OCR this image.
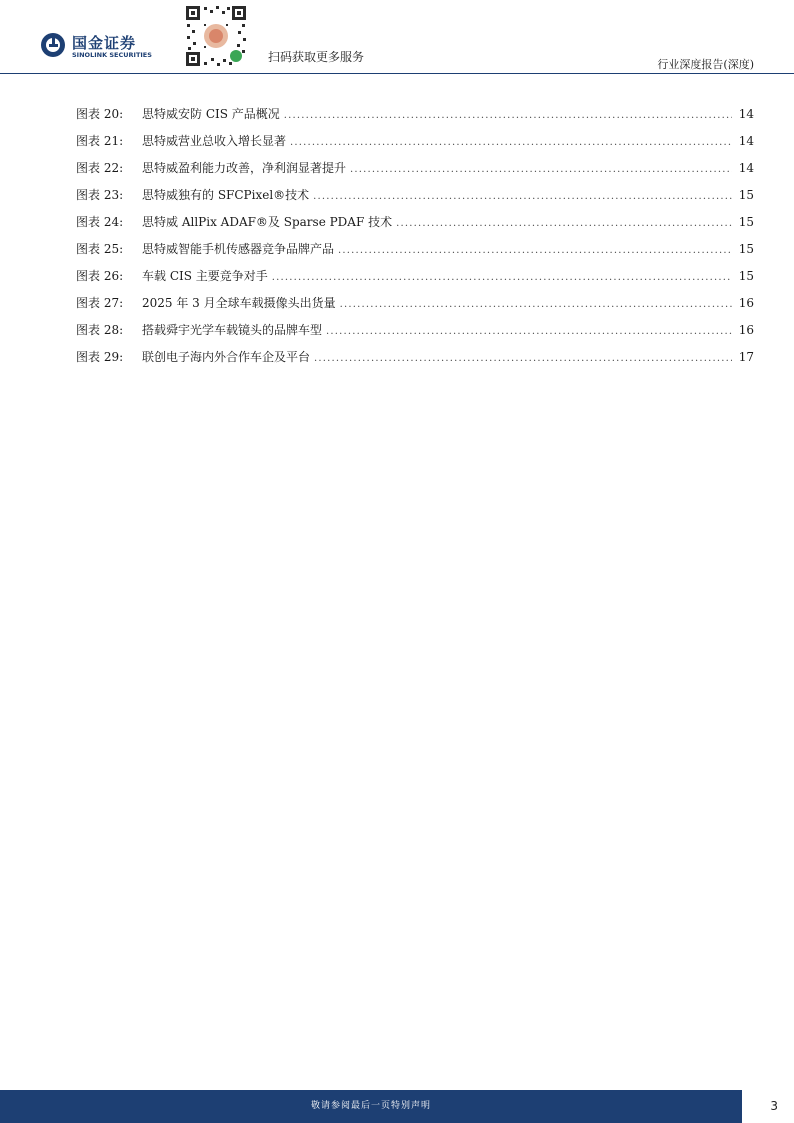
国金证券
SINOLINK SECURITIES	扫码获取更多服务
行业深度报告(深度)
图表 20:	思特威安防 CIS 产品概况 .....	14
图表 21:	思特威营业总收入增长显著 .....	14
图表 22:	思特威盈利能力改善，净利润显著提升 .....	14
图表 23:	思特威独有的 SFCPixel®技术 .....	15
图表 24:	思特威 AllPix ADAF®及 Sparse PDAF 技术 .....	15
图表 25:	思特威智能手机传感器竞争品牌产品 .....	15
图表 26:	车载 CIS 主要竞争对手 .....	15
图表 27:	2025 年 3 月全球车载摄像头出货量 .....	16
图表 28:	搭载舜宇光学车载镜头的品牌车型 .....	16
图表 29:	联创电子海内外合作车企及平台 .....	17
敬请参阅最后一页特别声明	3
